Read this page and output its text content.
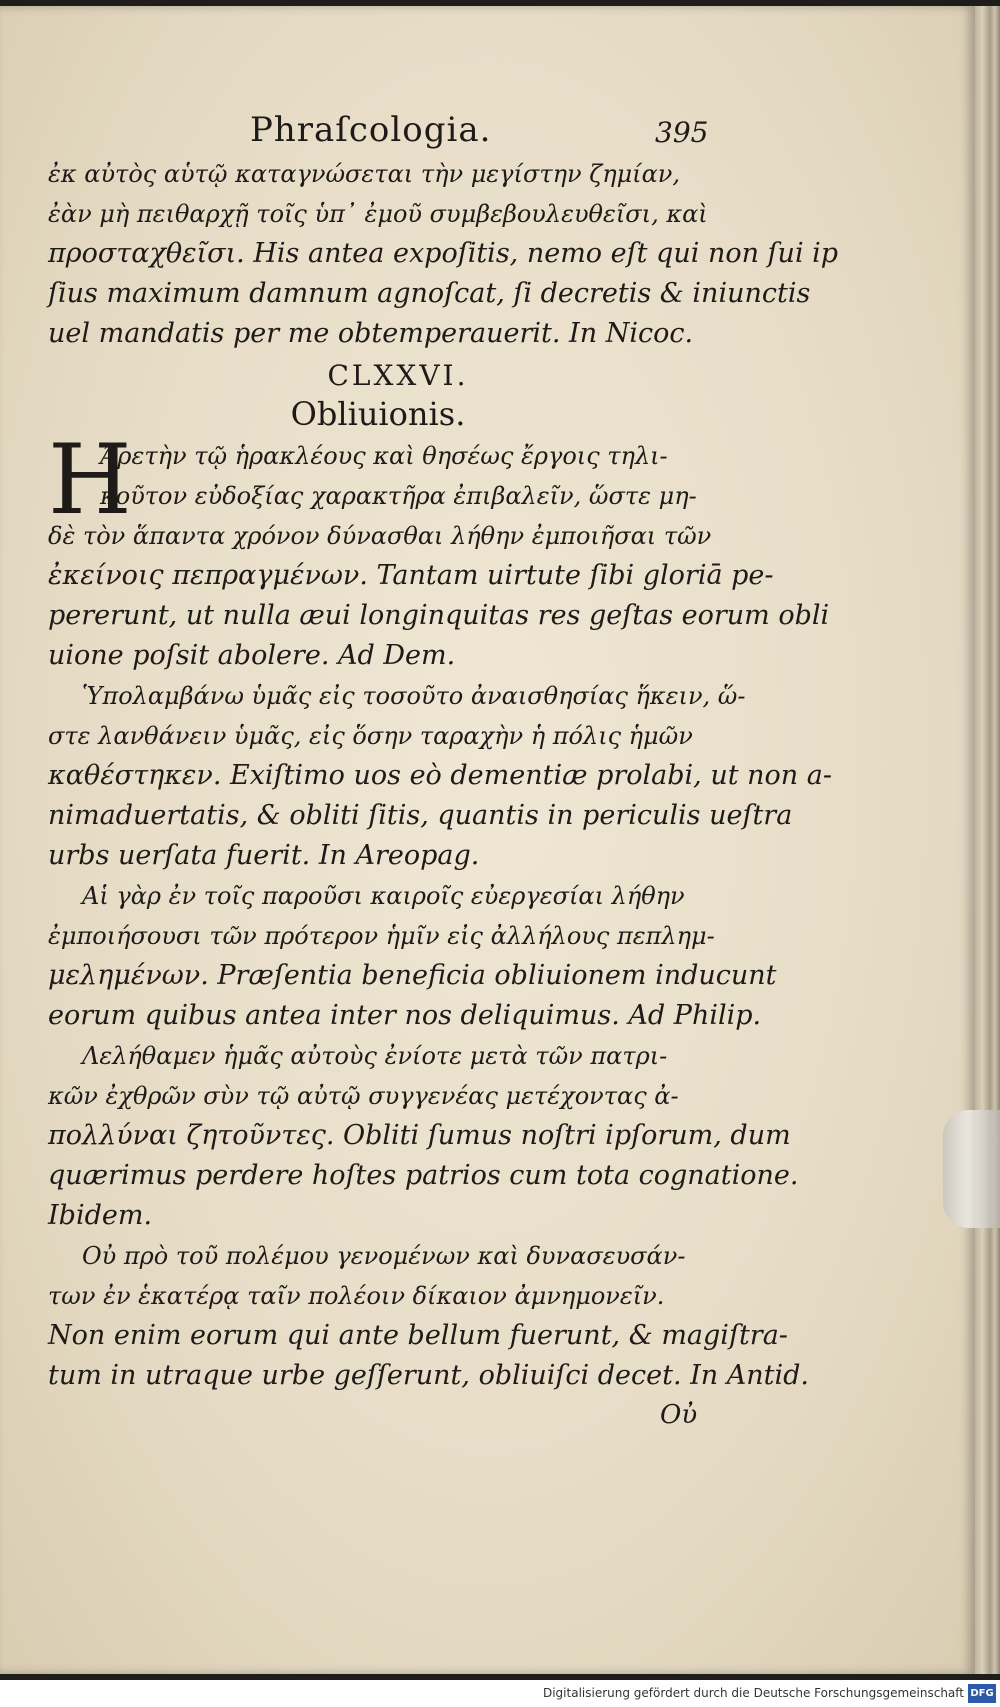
Phraſcologia.	395
ἐκ αὐτὸς αὑτῷ καταγνώσεται τὴν μεγίστην ζημίαν,
ἐὰν μὴ πειθαρχῇ τοῖς ὑπ᾽ ἐμοῦ συμβεβουλευθεῖσι, καὶ
προσταχθεῖσι. His antea expoſitis, nemo eſt qui non ſui ip
ſius maximum damnum agnoſcat, ſi decretis & iniunctis
uel mandatis per me obtemperauerit. In Nicoc.
CLXXVI.
Obliuionis.
H
Ἀρετὴν τῷ ἡρακλέους καὶ θησέως ἔργοις τηλι-
κοῦτον εὐδοξίας χαρακτῆρα ἐπιβαλεῖν, ὥστε μη-
δὲ τὸν ἅπαντα χρόνον δύνασθαι λήθην ἐμποιῆσαι τῶν
ἐκείνοις πεπραγμένων. Tantam uirtute ſibi gloriā pe-
pererunt, ut nulla æui longinquitas res geſtas eorum obli
uione poſsit abolere. Ad Dem.
Ὑπολαμβάνω ὑμᾶς εἰς τοσοῦτο ἀναισθησίας ἥκειν, ὥ-
στε λανθάνειν ὑμᾶς, εἰς ὅσην ταραχὴν ἡ πόλις ἡμῶν
καθέστηκεν. Exiſtimo uos eò dementiæ prolabi, ut non a-
nimaduertatis, & obliti ſitis, quantis in periculis ueſtra
urbs uerſata fuerit. In Areopag.
Αἱ γὰρ ἐν τοῖς παροῦσι καιροῖς εὐεργεσίαι λήθην
ἐμποιήσουσι τῶν πρότερον ἡμῖν εἰς ἀλλήλους πεπλημ-
μελημένων. Præſentia beneficia obliuionem inducunt
eorum quibus antea inter nos deliquimus. Ad Philip.
Λελήθαμεν ἡμᾶς αὐτοὺς ἐνίοτε μετὰ τῶν πατρι-
κῶν ἐχθρῶν σὺν τῷ αὐτῷ συγγενέας μετέχοντας ἀ-
πολλύναι ζητοῦντες. Obliti ſumus noſtri ipſorum, dum
quærimus perdere hoſtes patrios cum tota cognatione.
Ibidem.
Οὐ πρὸ τοῦ πολέμου γενομένων καὶ δυνασευσάν-
των ἐν ἑκατέρᾳ ταῖν πολέοιν δίκαιον ἀμνημονεῖν.
Non enim eorum qui ante bellum fuerunt, & magiſtra-
tum in utraque urbe geſſerunt, obliuiſci decet. In Antid.
Οὐ
Digitalisierung gefördert durch die Deutsche Forschungsgemeinschaft DFG
